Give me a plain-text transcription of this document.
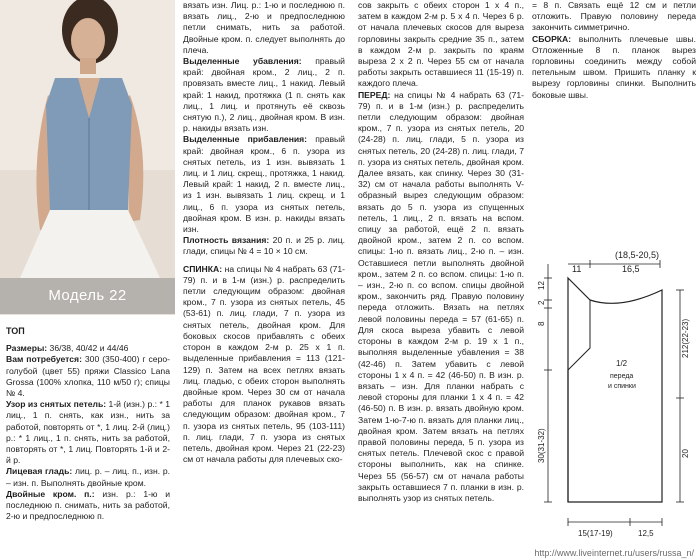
Модель 22

ТОП

Размеры: 36/38, 40/42 и 44/46

Вам потребуется: 300 (350-400) г серо-голубой (цвет 55) пряжи Classico Lana Grossa (100% хлопка, 110 м/50 г); спицы № 4.

Узор из снятых петель: 1-й (изн.) р.: * 1 лиц., 1 п. снять, как изн., нить за работой, повторять от *, 1 лиц. 2-й (лиц.) р.: * 1 лиц., 1 п. снять, нить за работой, повторять от *, 1 лиц. Повторять 1-й и 2-й р.

Лицевая гладь: лиц. р. – лиц. п., изн. р. – изн. п. Выполнять двойные кром.

Двойные кром. п.: изн. р.: 1-ю и последнюю п. снимать, нить за работой, 2-ю и предпоследнюю п.

вязать изн. Лиц. р.: 1-ю и последнюю п. вязать лиц., 2-ю и предпоследнюю петли снимать, нить за работой. Двойные кром. п. следует выполнять до плеча.

Выделенные убавления: правый край: двойная кром., 2 лиц., 2 п. провязать вместе лиц., 1 накид. Левый край: 1 накид, протяжка (1 п. снять как лиц., 1 лиц. и протянуть её сквозь снятую п.), 2 лиц., двойная кром. В изн. р. накиды вязать изн.

Выделенные прибавления: правый край: двойная кром., 6 п. узора из снятых петель, из 1 изн. вывязать 1 лиц. и 1 лиц. скрещ., протяжка, 1 накид. Левый край: 1 накид, 2 п. вместе лиц., из 1 изн. вывязать 1 лиц. скрещ. и 1 лиц., 6 п. узора из снятых петель, двойная кром. В изн. р. накиды вязать изн.

Плотность вязания: 20 п. и 25 р. лиц. глади, спицы № 4 = 10 × 10 см.

СПИНКА: на спицы № 4 набрать 63 (71-79) п. и в 1-м (изн.) р. распределить петли следующим образом: двойная кром., 7 п. узора из снятых петель, 45 (53-61) п. лиц. глади, 7 п. узора из снятых петель, двойная кром. Для боковых скосов прибавлять с обеих сторон в каждом 2-м р. 25 х 1 п. выделенные прибавления = 113 (121-129) п. Затем на всех петлях вязать лиц. гладью, с обеих сторон выполнять двойные кром. Через 30 см от начала работы для планок рукавов вязать следующим образом: двойная кром., 7 п. узора из снятых петель, 95 (103-111) п. лиц. глади, 7 п. узора из снятых петель, двойная кром. Через 21 (22-23) см от начала работы для плечевых ско-

сов закрыть с обеих сторон 1 х 4 п., затем в каждом 2-м р. 5 х 4 п. Через 6 р. от начала плечевых скосов для выреза горловины закрыть средние 35 п., затем в каждом 2-м р. закрыть по краям выреза 2 х 2 п. Через 55 см от начала работы закрыть оставшиеся 11 (15-19) п. каждого плеча.

ПЕРЕД: на спицы № 4 набрать 63 (71-79) п. и в 1-м (изн.) р. распределить петли следующим образом: двойная кром., 7 п. узора из снятых петель, 20 (24-28) п. лиц. глади, 5 п. узора из снятых петель, 20 (24-28) п. лиц. глади, 7 п. узора из снятых петель, двойная кром. Далее вязать, как спинку. Через 30 (31-32) см от начала работы выполнять V-образный вырез следующим образом: вязать до 5 п. узора из спущенных петель, 1 лиц., 2 п. вязать на вспом. спицу за работой, ещё 2 п. вязать двойной кром., затем 2 п. со вспом. спицы: 1-ю п. вязать лиц., 2-ю п. – изн. Оставшиеся петли выполнять двойной кром., затем 2 п. со вспом. спицы: 1-ю п. – изн., 2-ю п. со вспом. спицы двойной кром., закончить ряд. Правую половину переда отложить. Вязать на петлях левой половины переда = 57 (61-65) п. Для скоса выреза убавить с левой стороны в каждом 2-м р. 19 х 1 п., выполняя выделенные убавления = 38 (42-46) п. Затем убавить с левой стороны 1 х 4 п. = 42 (46-50) п. В изн. р. вязать – изн. Для планки набрать с левой стороны для планки 1 х 4 п. = 42 (46-50) п. В изн. р. вязать двойную кром. Затем 1-ю-7-ю п. вязать для планки лиц., двойная кром. Затем вязать на петлях правой половины переда, 5 п. узора из снятых петель. Плечевой скос с правой стороны выполнить, как на спинке. Через 55 (56-57) см от начала работы закрыть оставшиеся 7 п. планки в изн. р. выполнять узор из снятых петель.

= 8 п. Связать ещё 12 см и петли отложить. Правую половину переда закончить симметрично.

СБОРКА: выполнить плечевые швы. Отложенные 8 п. планок вырез горловины соединить между собой петельным швом. Пришить планку к вырезу горловины спинки. Выполнить боковые швы.

(18,5-20,5)
16,5
11
212(22-23)
20
12
2
8
30(31-32)
1/2
переда
и спинки
15(17-19)	12,5
http://www.liveinternet.ru/users/russa_n/
